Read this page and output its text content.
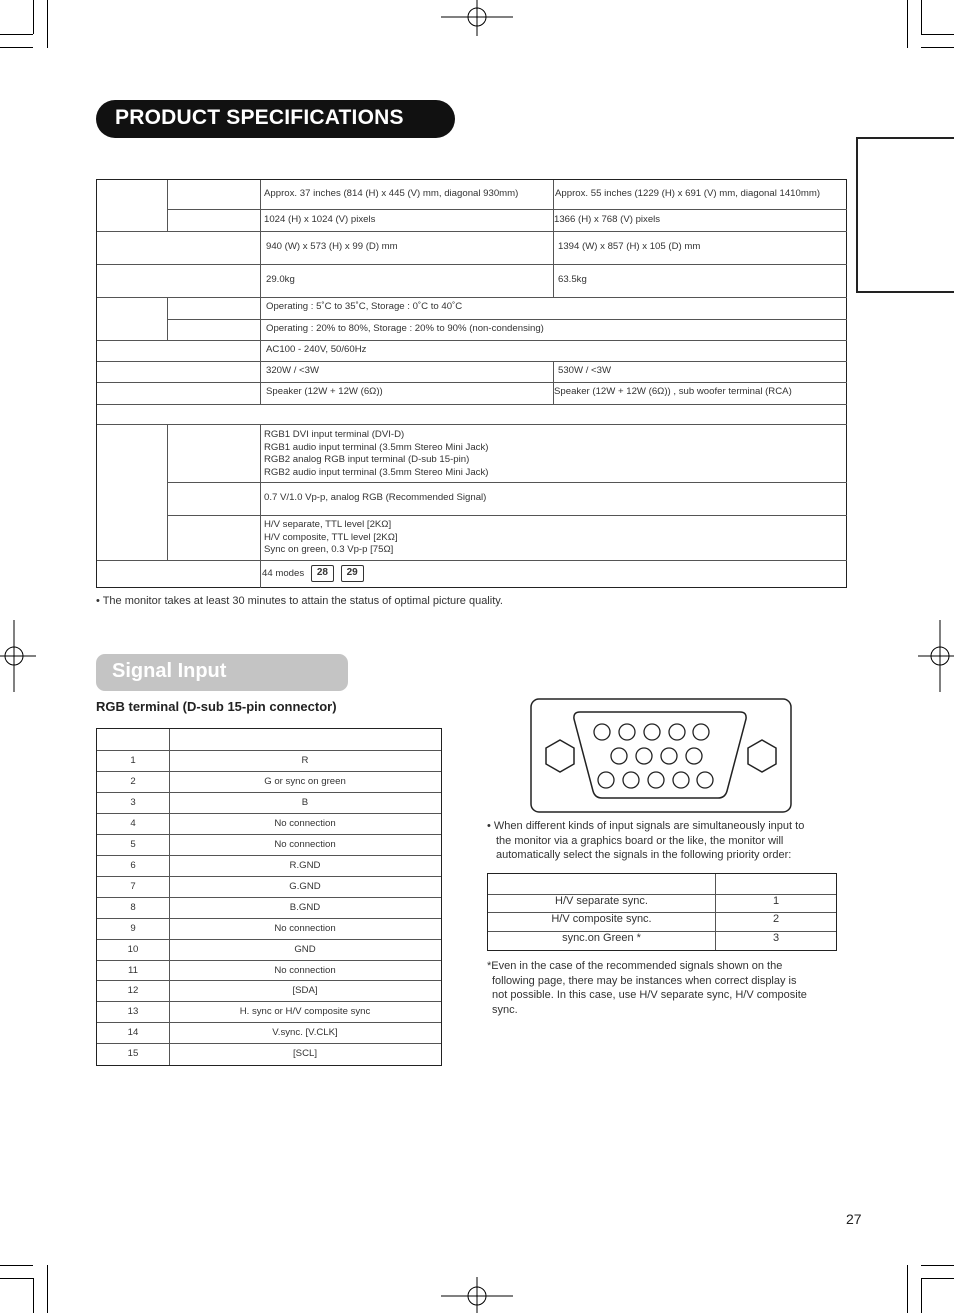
PRODUCT SPECIFICATIONS
Approx. 37 inches (814 (H) x 445 (V) mm, diagonal 930mm)	Approx. 55 inches (1229 (H) x 691 (V) mm, diagonal 1410mm)
1024 (H) x 1024 (V) pixels	1366 (H) x 768 (V) pixels
940 (W) x 573 (H) x 99 (D) mm	1394 (W) x 857 (H) x 105 (D) mm
29.0kg	63.5kg
Operating : 5˚C to 35˚C, Storage : 0˚C to 40˚C
Operating : 20% to 80%, Storage : 20% to 90% (non-condensing)
AC100 - 240V, 50/60Hz
320W / <3W	530W / <3W
Speaker (12W + 12W (6Ω))	Speaker (12W + 12W (6Ω)) , sub woofer terminal (RCA)
RGB1 DVI input terminal (DVI-D)
RGB1 audio input terminal (3.5mm Stereo Mini Jack)
RGB2 analog RGB input terminal (D-sub 15-pin)
RGB2 audio input terminal (3.5mm Stereo Mini Jack)
0.7 V/1.0 Vp-p, analog RGB (Recommended Signal)
H/V separate, TTL level [2KΩ]
H/V composite, TTL level [2KΩ]
Sync on green, 0.3 Vp-p [75Ω]
44 modes 28 29
• The monitor takes at least 30 minutes to attain the status of optimal picture quality.
Signal Input
RGB terminal (D-sub 15-pin connector)
1	R
2	G or sync on green
3	B
4	No connection
5	No connection
6	R.GND
7	G.GND
8	B.GND
9	No connection
10	GND
11	No connection
12	[SDA]
13	H. sync or H/V composite sync
14	V.sync. [V.CLK]
15	[SCL]
• When different kinds of input signals are simultaneously input to
the monitor via a graphics board or the like, the monitor will
automatically select the signals in the following priority order:
H/V separate sync.	1
H/V composite sync.	2
sync.on Green *	3
*Even in the case of the recommended signals shown on the
following page, there may be instances when correct display is
not possible. In this case, use H/V separate sync, H/V composite
sync.
27
